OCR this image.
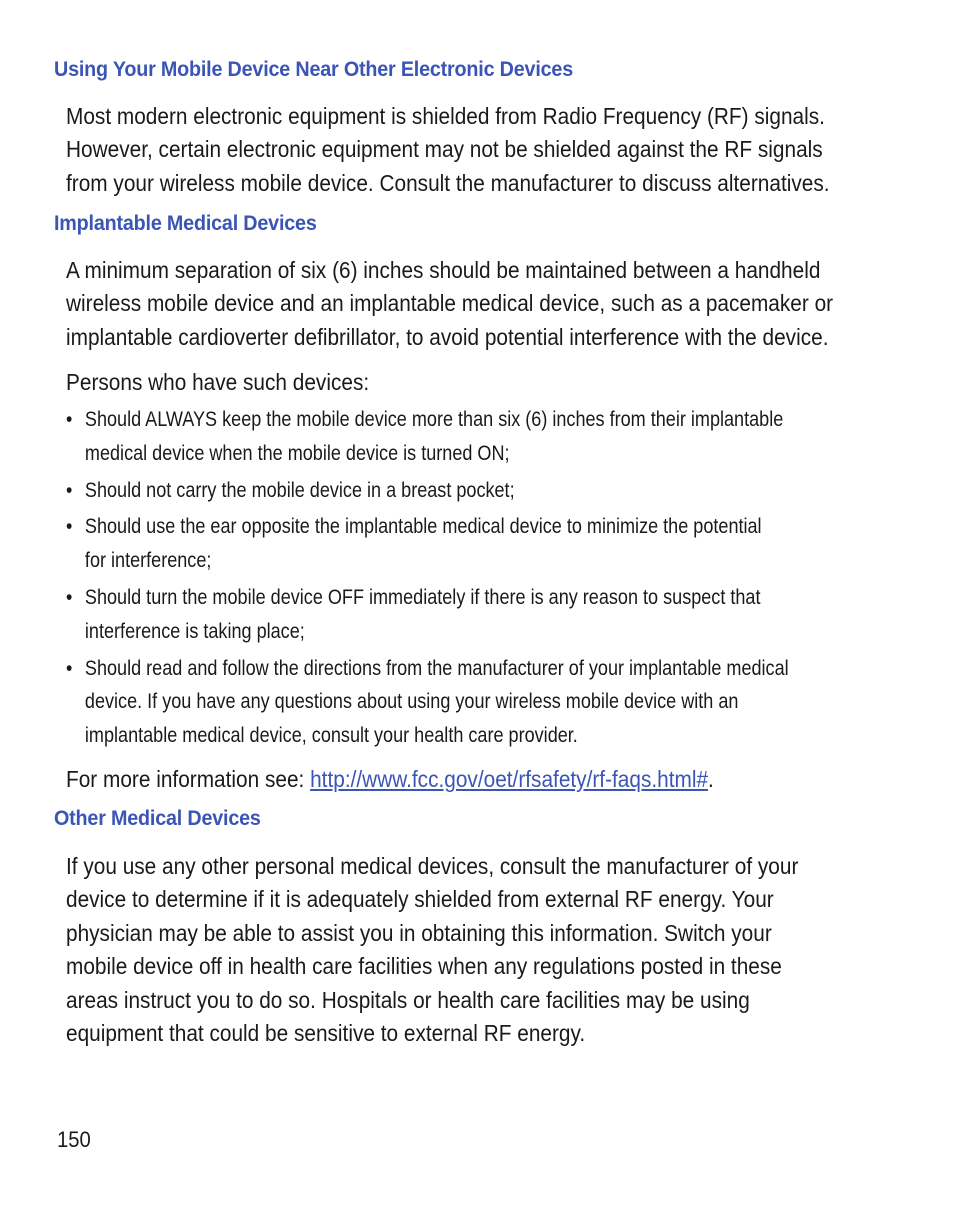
Using Your Mobile Device Near Other Electronic Devices

Most modern electronic equipment is shielded from Radio Frequency (RF) signals.
However, certain electronic equipment may not be shielded against the RF signals
from your wireless mobile device. Consult the manufacturer to discuss alternatives.

Implantable Medical Devices

A minimum separation of six (6) inches should be maintained between a handheld
wireless mobile device and an implantable medical device, such as a pacemaker or
implantable cardioverter defibrillator, to avoid potential interference with the device.

Persons who have such devices:

• Should ALWAYS keep the mobile device more than six (6) inches from their implantable
medical device when the mobile device is turned ON;
• Should not carry the mobile device in a breast pocket;
• Should use the ear opposite the implantable medical device to minimize the potential
for interference;
• Should turn the mobile device OFF immediately if there is any reason to suspect that
interference is taking place;
• Should read and follow the directions from the manufacturer of your implantable medical
device. If you have any questions about using your wireless mobile device with an
implantable medical device, consult your health care provider.

For more information see: http://www.fcc.gov/oet/rfsafety/rf-faqs.html#.

Other Medical Devices

If you use any other personal medical devices, consult the manufacturer of your
device to determine if it is adequately shielded from external RF energy. Your
physician may be able to assist you in obtaining this information. Switch your
mobile device off in health care facilities when any regulations posted in these
areas instruct you to do so. Hospitals or health care facilities may be using
equipment that could be sensitive to external RF energy.

150
